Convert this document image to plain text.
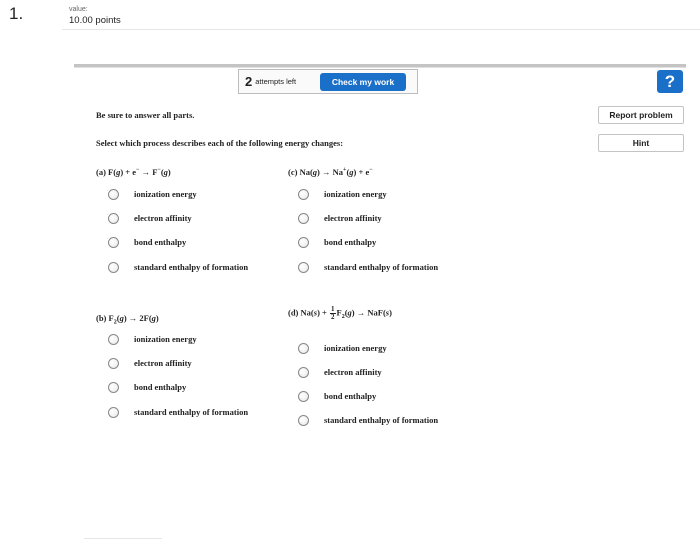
1.	value:
10.00 points
2 attempts left	Check my work	?
Report problem
Hint
Be sure to answer all parts.
Select which process describes each of the following energy changes:
(a) F(g) + e− → F−(g)
ionization energy
electron affinity
bond enthalpy
standard enthalpy of formation
(c) Na(g) → Na+(g) + e−
ionization energy
electron affinity
bond enthalpy
standard enthalpy of formation
(b) $F_2(g) \to 2F(g)$
ionization energy
electron affinity
bond enthalpy
standard enthalpy of formation
(d) $Na(s) + \frac{1}{2} F_2(g) \to NaF(s)$
ionization energy
electron affinity
bond enthalpy
standard enthalpy of formation
